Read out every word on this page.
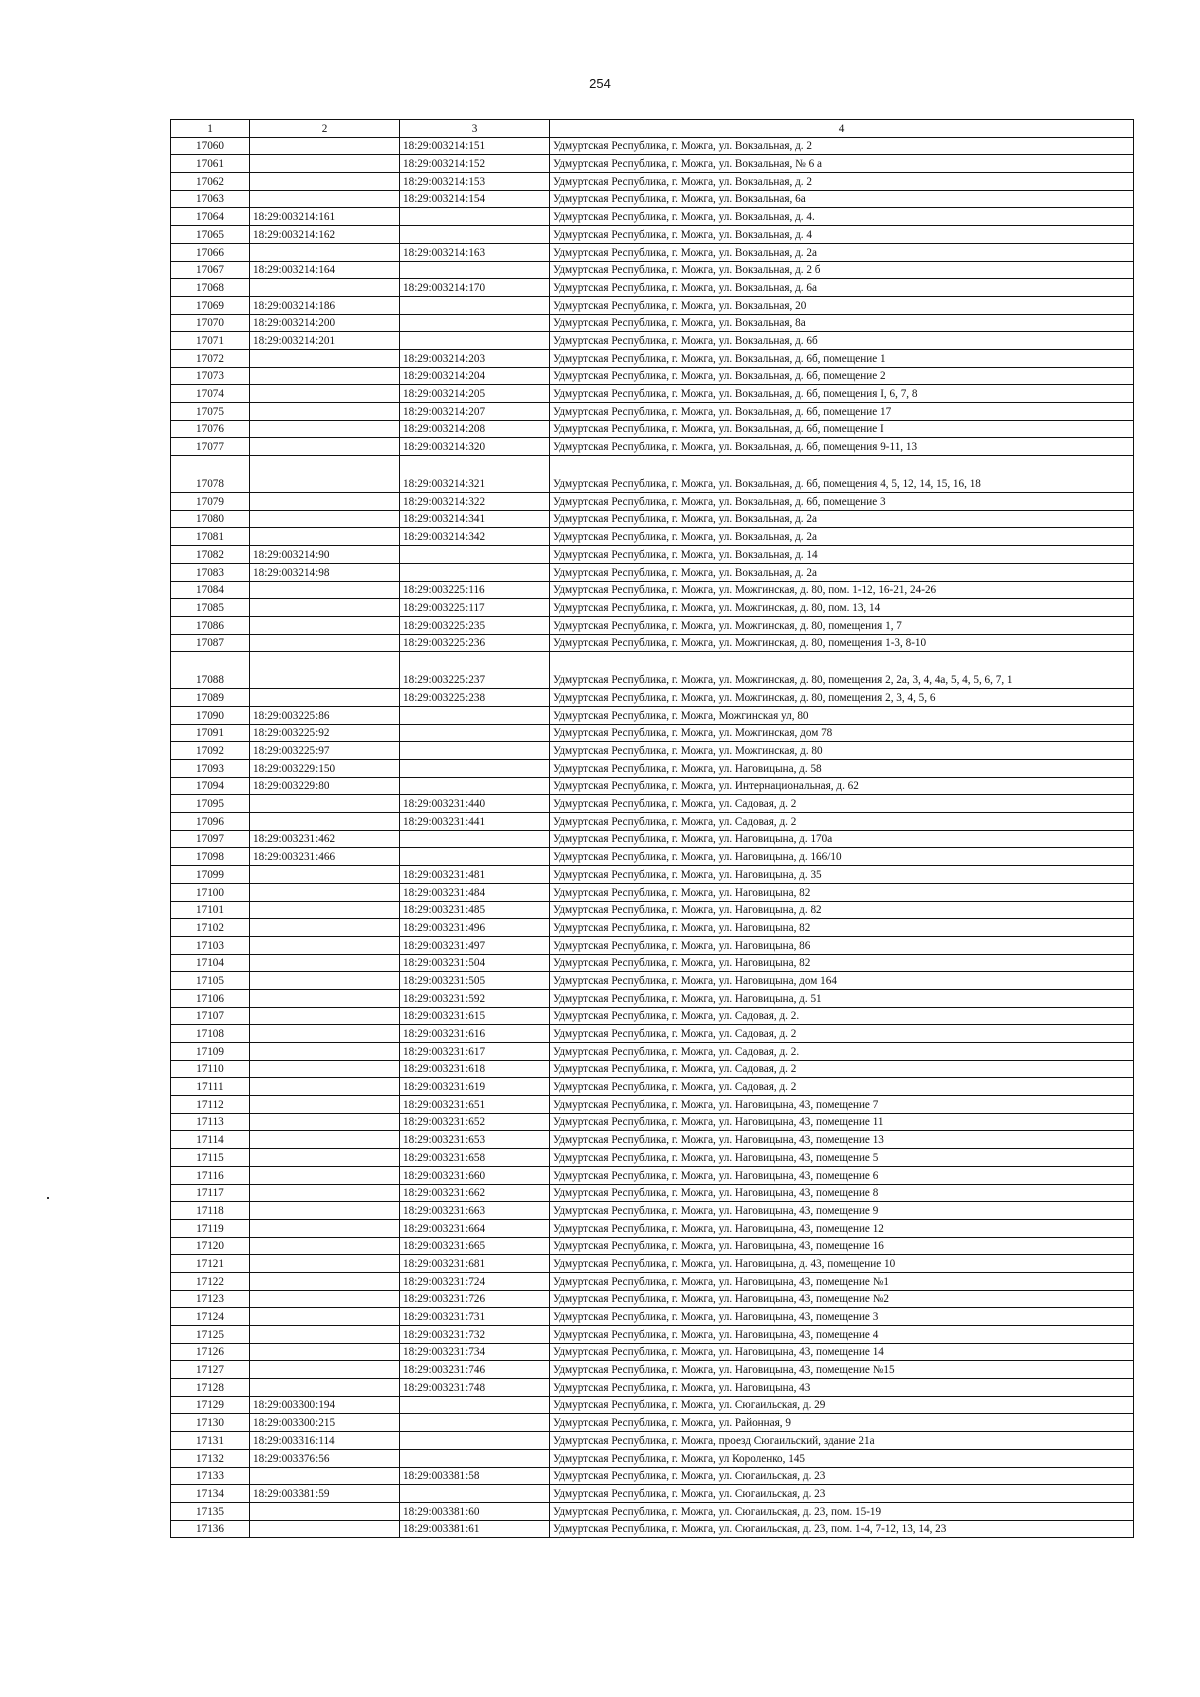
254
1	2	3	4
17060		18:29:003214:151	Удмуртская Республика, г. Можга, ул. Вокзальная, д. 2
17061		18:29:003214:152	Удмуртская Республика, г. Можга, ул. Вокзальная, № 6 а
17062		18:29:003214:153	Удмуртская Республика, г. Можга, ул. Вокзальная, д. 2
17063		18:29:003214:154	Удмуртская Республика, г. Можга, ул. Вокзальная, 6а
17064	18:29:003214:161		Удмуртская Республика, г. Можга, ул. Вокзальная, д. 4.
17065	18:29:003214:162		Удмуртская Республика, г. Можга, ул. Вокзальная, д. 4
17066		18:29:003214:163	Удмуртская Республика, г. Можга, ул. Вокзальная, д. 2а
17067	18:29:003214:164		Удмуртская Республика, г. Можга, ул. Вокзальная, д. 2 б
17068		18:29:003214:170	Удмуртская Республика, г. Можга, ул. Вокзальная, д. 6а
17069	18:29:003214:186		Удмуртская Республика, г. Можга, ул. Вокзальная, 20
17070	18:29:003214:200		Удмуртская Республика, г. Можга, ул. Вокзальная, 8а
17071	18:29:003214:201		Удмуртская Республика, г. Можга, ул. Вокзальная, д. 6б
17072		18:29:003214:203	Удмуртская Республика, г. Можга, ул. Вокзальная, д. 6б, помещение 1
17073		18:29:003214:204	Удмуртская Республика, г. Можга, ул. Вокзальная, д. 6б, помещение 2
17074		18:29:003214:205	Удмуртская Республика, г. Можга, ул. Вокзальная, д. 6б, помещения I, 6, 7, 8
17075		18:29:003214:207	Удмуртская Республика, г. Можга, ул. Вокзальная, д. 6б, помещение 17
17076		18:29:003214:208	Удмуртская Республика, г. Можга, ул. Вокзальная, д. 6б, помещение I
17077		18:29:003214:320	Удмуртская Республика, г. Можга, ул. Вокзальная, д. 6б, помещения 9-11, 13
17078		18:29:003214:321	Удмуртская Республика, г. Можга, ул. Вокзальная, д. 6б, помещения 4, 5, 12, 14, 15, 16, 18
17079		18:29:003214:322	Удмуртская Республика, г. Можга, ул. Вокзальная, д. 6б, помещение 3
17080		18:29:003214:341	Удмуртская Республика, г. Можга, ул. Вокзальная, д. 2а
17081		18:29:003214:342	Удмуртская Республика, г. Можга, ул. Вокзальная, д. 2а
17082	18:29:003214:90		Удмуртская Республика, г. Можга, ул. Вокзальная, д. 14
17083	18:29:003214:98		Удмуртская Республика, г. Можга, ул. Вокзальная, д. 2а
17084		18:29:003225:116	Удмуртская Республика, г. Можга, ул. Можгинская, д. 80, пом. 1-12, 16-21, 24-26
17085		18:29:003225:117	Удмуртская Республика, г. Можга, ул. Можгинская, д. 80, пом. 13, 14
17086		18:29:003225:235	Удмуртская Республика, г. Можга, ул. Можгинская, д. 80, помещения 1, 7
17087		18:29:003225:236	Удмуртская Республика, г. Можга, ул. Можгинская, д. 80, помещения 1-3, 8-10
17088		18:29:003225:237	Удмуртская Республика, г. Можга, ул. Можгинская, д. 80, помещения 2, 2а, 3, 4, 4а, 5, 4, 5, 6, 7, 1
17089		18:29:003225:238	Удмуртская Республика, г. Можга, ул. Можгинская, д. 80, помещения 2, 3, 4, 5, 6
17090	18:29:003225:86		Удмуртская Республика, г. Можга, Можгинская ул, 80
17091	18:29:003225:92		Удмуртская Республика, г. Можга, ул. Можгинская, дом 78
17092	18:29:003225:97		Удмуртская Республика, г. Можга, ул. Можгинская, д. 80
17093	18:29:003229:150		Удмуртская Республика, г. Можга, ул. Наговицына, д. 58
17094	18:29:003229:80		Удмуртская Республика, г. Можга, ул. Интернациональная, д. 62
17095		18:29:003231:440	Удмуртская Республика, г. Можга, ул. Садовая, д. 2
17096		18:29:003231:441	Удмуртская Республика, г. Можга, ул. Садовая, д. 2
17097	18:29:003231:462		Удмуртская Республика, г. Можга, ул. Наговицына, д. 170а
17098	18:29:003231:466		Удмуртская Республика, г. Можга, ул. Наговицына, д. 166/10
17099		18:29:003231:481	Удмуртская Республика, г. Можга, ул. Наговицына, д. 35
17100		18:29:003231:484	Удмуртская Республика, г. Можга, ул. Наговицына, 82
17101		18:29:003231:485	Удмуртская Республика, г. Можга, ул. Наговицына, д. 82
17102		18:29:003231:496	Удмуртская Республика, г. Можга, ул. Наговицына, 82
17103		18:29:003231:497	Удмуртская Республика, г. Можга, ул. Наговицына, 86
17104		18:29:003231:504	Удмуртская Республика, г. Можга, ул. Наговицына, 82
17105		18:29:003231:505	Удмуртская Республика, г. Можга, ул. Наговицына, дом 164
17106		18:29:003231:592	Удмуртская Республика, г. Можга, ул. Наговицына, д. 51
17107		18:29:003231:615	Удмуртская Республика, г. Можга, ул. Садовая, д. 2.
17108		18:29:003231:616	Удмуртская Республика, г. Можга, ул. Садовая, д. 2
17109		18:29:003231:617	Удмуртская Республика, г. Можга, ул. Садовая, д. 2.
17110		18:29:003231:618	Удмуртская Республика, г. Можга, ул. Садовая, д. 2
17111		18:29:003231:619	Удмуртская Республика, г. Можга, ул. Садовая, д. 2
17112		18:29:003231:651	Удмуртская Республика, г. Можга, ул. Наговицына, 43, помещение 7
17113		18:29:003231:652	Удмуртская Республика, г. Можга, ул. Наговицына, 43, помещение 11
17114		18:29:003231:653	Удмуртская Республика, г. Можга, ул. Наговицына, 43, помещение 13
17115		18:29:003231:658	Удмуртская Республика, г. Можга, ул. Наговицына, 43, помещение 5
17116		18:29:003231:660	Удмуртская Республика, г. Можга, ул. Наговицына, 43, помещение 6
17117		18:29:003231:662	Удмуртская Республика, г. Можга, ул. Наговицына, 43, помещение 8
17118		18:29:003231:663	Удмуртская Республика, г. Можга, ул. Наговицына, 43, помещение 9
17119		18:29:003231:664	Удмуртская Республика, г. Можга, ул. Наговицына, 43, помещение 12
17120		18:29:003231:665	Удмуртская Республика, г. Можга, ул. Наговицына, 43, помещение 16
17121		18:29:003231:681	Удмуртская Республика, г. Можга, ул. Наговицына, д. 43, помещение 10
17122		18:29:003231:724	Удмуртская Республика, г. Можга, ул. Наговицына, 43, помещение №1
17123		18:29:003231:726	Удмуртская Республика, г. Можга, ул. Наговицына, 43, помещение №2
17124		18:29:003231:731	Удмуртская Республика, г. Можга, ул. Наговицына, 43, помещение 3
17125		18:29:003231:732	Удмуртская Республика, г. Можга, ул. Наговицына, 43, помещение 4
17126		18:29:003231:734	Удмуртская Республика, г. Можга, ул. Наговицына, 43, помещение 14
17127		18:29:003231:746	Удмуртская Республика, г. Можга, ул. Наговицына, 43, помещение №15
17128		18:29:003231:748	Удмуртская Республика, г. Можга, ул. Наговицына, 43
17129	18:29:003300:194		Удмуртская Республика, г. Можга, ул. Сюгаильская, д. 29
17130	18:29:003300:215		Удмуртская Республика, г. Можга, ул. Районная, 9
17131	18:29:003316:114		Удмуртская Республика, г. Можга, проезд Сюгаильский, здание 21а
17132	18:29:003376:56		Удмуртская Республика, г. Можга, ул Короленко, 145
17133		18:29:003381:58	Удмуртская Республика, г. Можга, ул. Сюгаильская, д. 23
17134	18:29:003381:59		Удмуртская Республика, г. Можга, ул. Сюгаильская, д. 23
17135		18:29:003381:60	Удмуртская Республика, г. Можга, ул. Сюгаильская, д. 23, пом. 15-19
17136		18:29:003381:61	Удмуртская Республика, г. Можга, ул. Сюгаильская, д. 23, пом. 1-4, 7-12, 13, 14, 23
